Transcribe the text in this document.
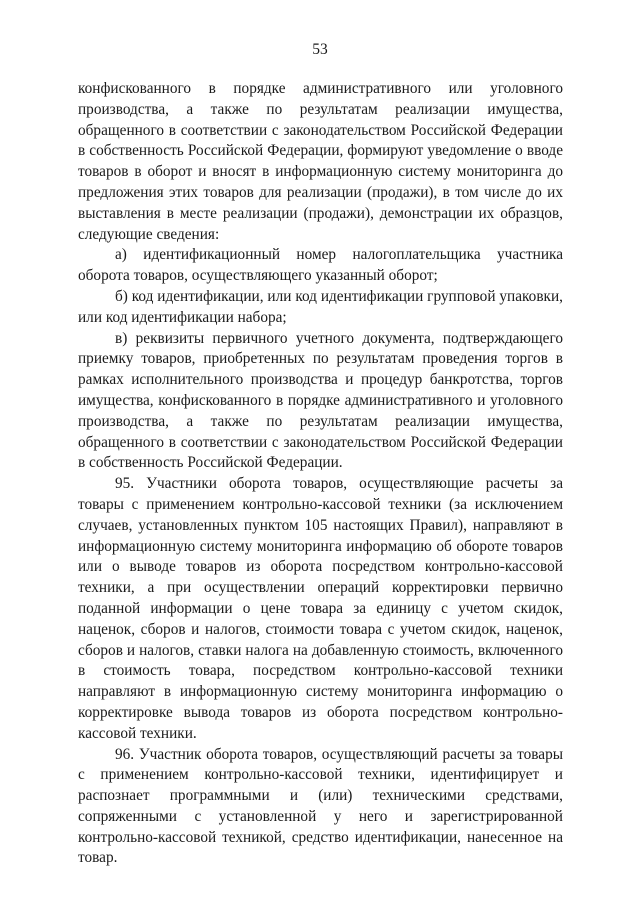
53

конфискованного в порядке административного или уголовного производства, а также по результатам реализации имущества, обращенного в соответствии с законодательством Российской Федерации в собственность Российской Федерации, формируют уведомление о вводе товаров в оборот и вносят в информационную систему мониторинга до предложения этих товаров для реализации (продажи), в том числе до их выставления в месте реализации (продажи), демонстрации их образцов, следующие сведения:

а) идентификационный номер налогоплательщика участника оборота товаров, осуществляющего указанный оборот;

б) код идентификации, или код идентификации групповой упаковки, или код идентификации набора;

в) реквизиты первичного учетного документа, подтверждающего приемку товаров, приобретенных по результатам проведения торгов в рамках исполнительного производства и процедур банкротства, торгов имущества, конфискованного в порядке административного и уголовного производства, а также по результатам реализации имущества, обращенного в соответствии с законодательством Российской Федерации в собственность Российской Федерации.

95. Участники оборота товаров, осуществляющие расчеты за товары с применением контрольно-кассовой техники (за исключением случаев, установленных пунктом 105 настоящих Правил), направляют в информационную систему мониторинга информацию об обороте товаров или о выводе товаров из оборота посредством контрольно-кассовой техники, а при осуществлении операций корректировки первично поданной информации о цене товара за единицу с учетом скидок, наценок, сборов и налогов, стоимости товара с учетом скидок, наценок, сборов и налогов, ставки налога на добавленную стоимость, включенного в стоимость товара, посредством контрольно-кассовой техники направляют в информационную систему мониторинга информацию о корректировке вывода товаров из оборота посредством контрольно-кассовой техники.

96. Участник оборота товаров, осуществляющий расчеты за товары с применением контрольно-кассовой техники, идентифицирует и распознает программными и (или) техническими средствами, сопряженными с установленной у него и зарегистрированной контрольно-кассовой техникой, средство идентификации, нанесенное на товар.
